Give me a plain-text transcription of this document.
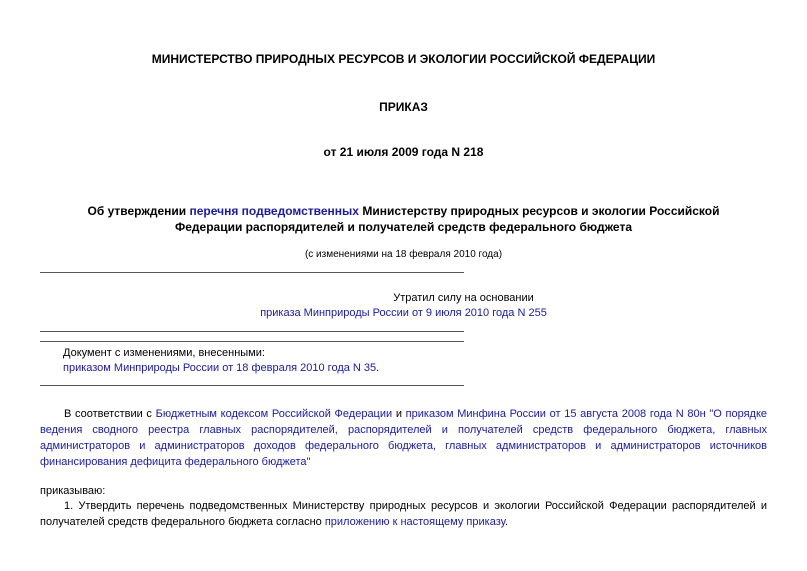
МИНИСТЕРСТВО ПРИРОДНЫХ РЕСУРСОВ И ЭКОЛОГИИ РОССИЙСКОЙ ФЕДЕРАЦИИ
ПРИКАЗ
от 21 июля 2009 года N 218
Об утверждении перечня подведомственных Министерству природных ресурсов и экологии Российской
Федерации распорядителей и получателей средств федерального бюджета
(с изменениями на 18 февраля 2010 года)
Утратил силу на основании
приказа Минприроды России от 9 июля 2010 года N 255
Документ с изменениями, внесенными:
приказом Минприроды России от 18 февраля 2010 года N 35.
В соответствии с Бюджетным кодексом Российской Федерации и приказом Минфина России от 15 августа 2008 года N 80н "О порядке ведения сводного реестра главных распорядителей, распорядителей и получателей средств федерального бюджета, главных администраторов и администраторов доходов федерального бюджета, главных администраторов и администраторов источников финансирования дефицита федерального бюджета"
приказываю:
1. Утвердить перечень подведомственных Министерству природных ресурсов и экологии Российской Федерации распорядителей и получателей средств федерального бюджета согласно приложению к настоящему приказу.
